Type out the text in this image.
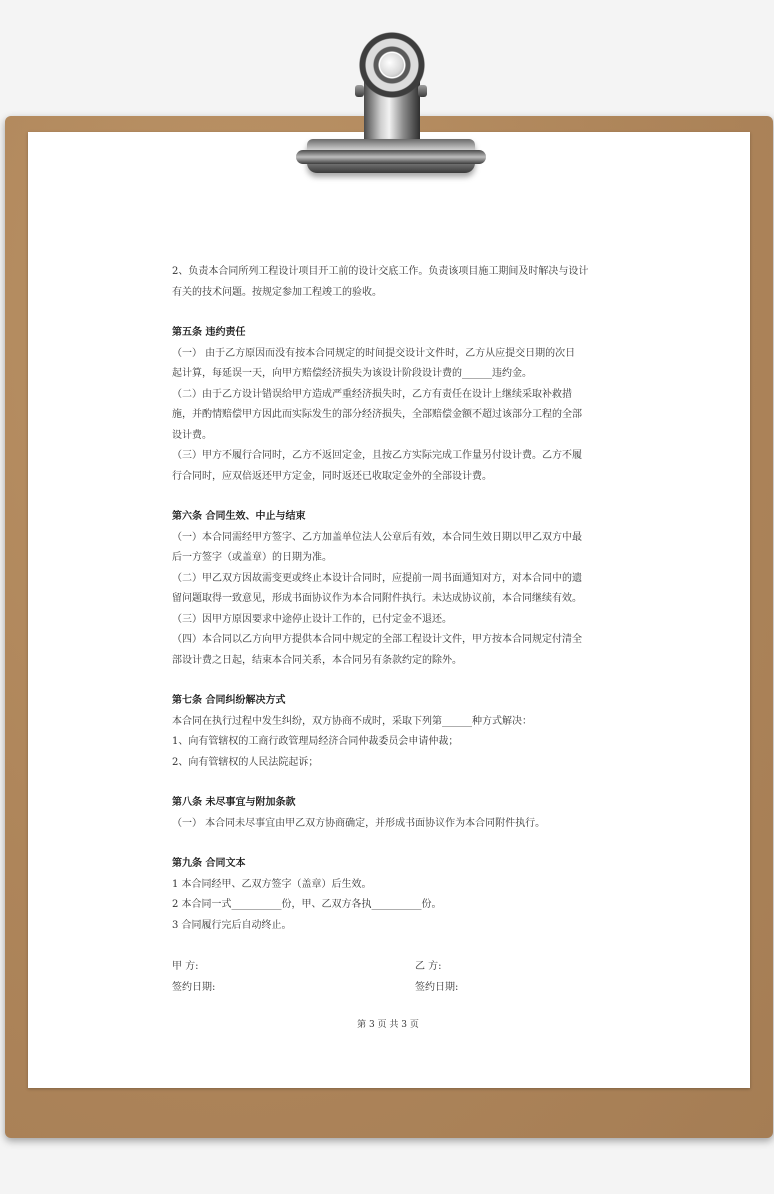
2、负责本合同所列工程设计项目开工前的设计交底工作。负责该项目施工期间及时解决与设计

有关的技术问题。按规定参加工程竣工的验收。

第五条 违约责任

（一） 由于乙方原因而没有按本合同规定的时间提交设计文件时，乙方从应提交日期的次日

起计算，每延误一天，向甲方赔偿经济损失为该设计阶段设计费的______违约金。

（二）由于乙方设计错误给甲方造成严重经济损失时，乙方有责任在设计上继续采取补救措

施，并酌情赔偿甲方因此而实际发生的部分经济损失，全部赔偿金额不超过该部分工程的全部

设计费。

（三）甲方不履行合同时，乙方不返回定金，且按乙方实际完成工作量另付设计费。乙方不履

行合同时，应双倍返还甲方定金，同时返还已收取定金外的全部设计费。

第六条 合同生效、中止与结束

（一）本合同需经甲方签字、乙方加盖单位法人公章后有效，本合同生效日期以甲乙双方中最

后一方签字（或盖章）的日期为准。

（二）甲乙双方因故需变更或终止本设计合同时，应提前一周书面通知对方，对本合同中的遗

留问题取得一致意见，形成书面协议作为本合同附件执行。未达成协议前，本合同继续有效。

（三）因甲方原因要求中途停止设计工作的，已付定金不退还。

（四）本合同以乙方向甲方提供本合同中规定的全部工程设计文件，甲方按本合同规定付清全

部设计费之日起，结束本合同关系，本合同另有条款约定的除外。

第七条 合同纠纷解决方式

本合同在执行过程中发生纠纷，双方协商不成时，采取下列第______种方式解决：

1、向有管辖权的工商行政管理局经济合同仲裁委员会申请仲裁；

2、向有管辖权的人民法院起诉；

第八条 未尽事宜与附加条款

（一） 本合同未尽事宜由甲乙双方协商确定，并形成书面协议作为本合同附件执行。

第九条 合同文本

1 本合同经甲、乙双方签字（盖章）后生效。

2 本合同一式__________份，甲、乙双方各执__________份。

3 合同履行完后自动终止。

甲 方:
签约日期:
乙 方:
签约日期:
第 3 页 共 3 页
